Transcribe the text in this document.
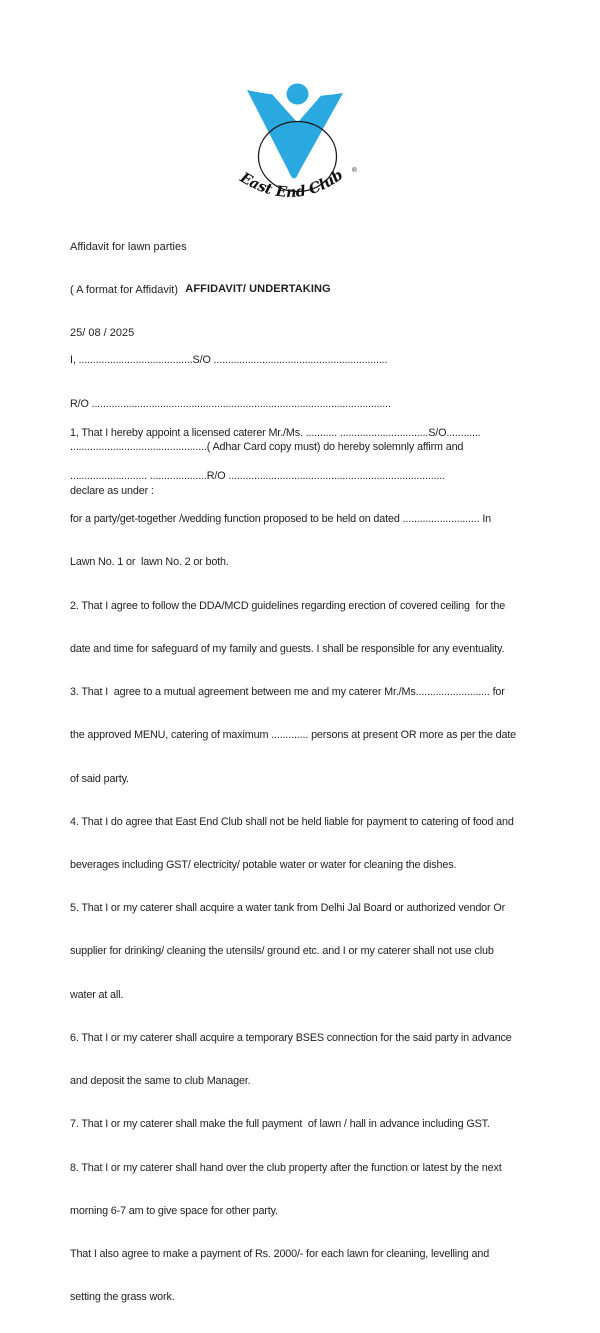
East End Club ®

Affidavit for lawn parties

( A format for Affidavit)

25/ 08 / 2025

AFFIDAVIT/ UNDERTAKING

I, ........................................S/O .............................................................

R/O .........................................................................................................

................................................( Adhar Card copy must) do hereby solemnly affirm and

declare as under :

1, That I hereby appoint a licensed caterer Mr./Ms. ........... ...............................S/O............

........................... ....................R/O ............................................................................

for a party/get-together /wedding function proposed to be held on dated ........................... In

Lawn No. 1 or  lawn No. 2 or both.

2. That I agree to follow the DDA/MCD guidelines regarding erection of covered ceiling  for the

date and time for safeguard of my family and guests. I shall be responsible for any eventuality.

3. That I  agree to a mutual agreement between me and my caterer Mr./Ms.......................... for

the approved MENU, catering of maximum ............. persons at present OR more as per the date

of said party.

4. That I do agree that East End Club shall not be held liable for payment to catering of food and

beverages including GST/ electricity/ potable water or water for cleaning the dishes.

5. That I or my caterer shall acquire a water tank from Delhi Jal Board or authorized vendor Or

supplier for drinking/ cleaning the utensils/ ground etc. and I or my caterer shall not use club

water at all.

6. That I or my caterer shall acquire a temporary BSES connection for the said party in advance

and deposit the same to club Manager.

7. That I or my caterer shall make the full payment  of lawn / hall in advance including GST.

8. That I or my caterer shall hand over the club property after the function or latest by the next

morning 6-7 am to give space for other party.

That I also agree to make a payment of Rs. 2000/- for each lawn for cleaning, levelling and

setting the grass work.
